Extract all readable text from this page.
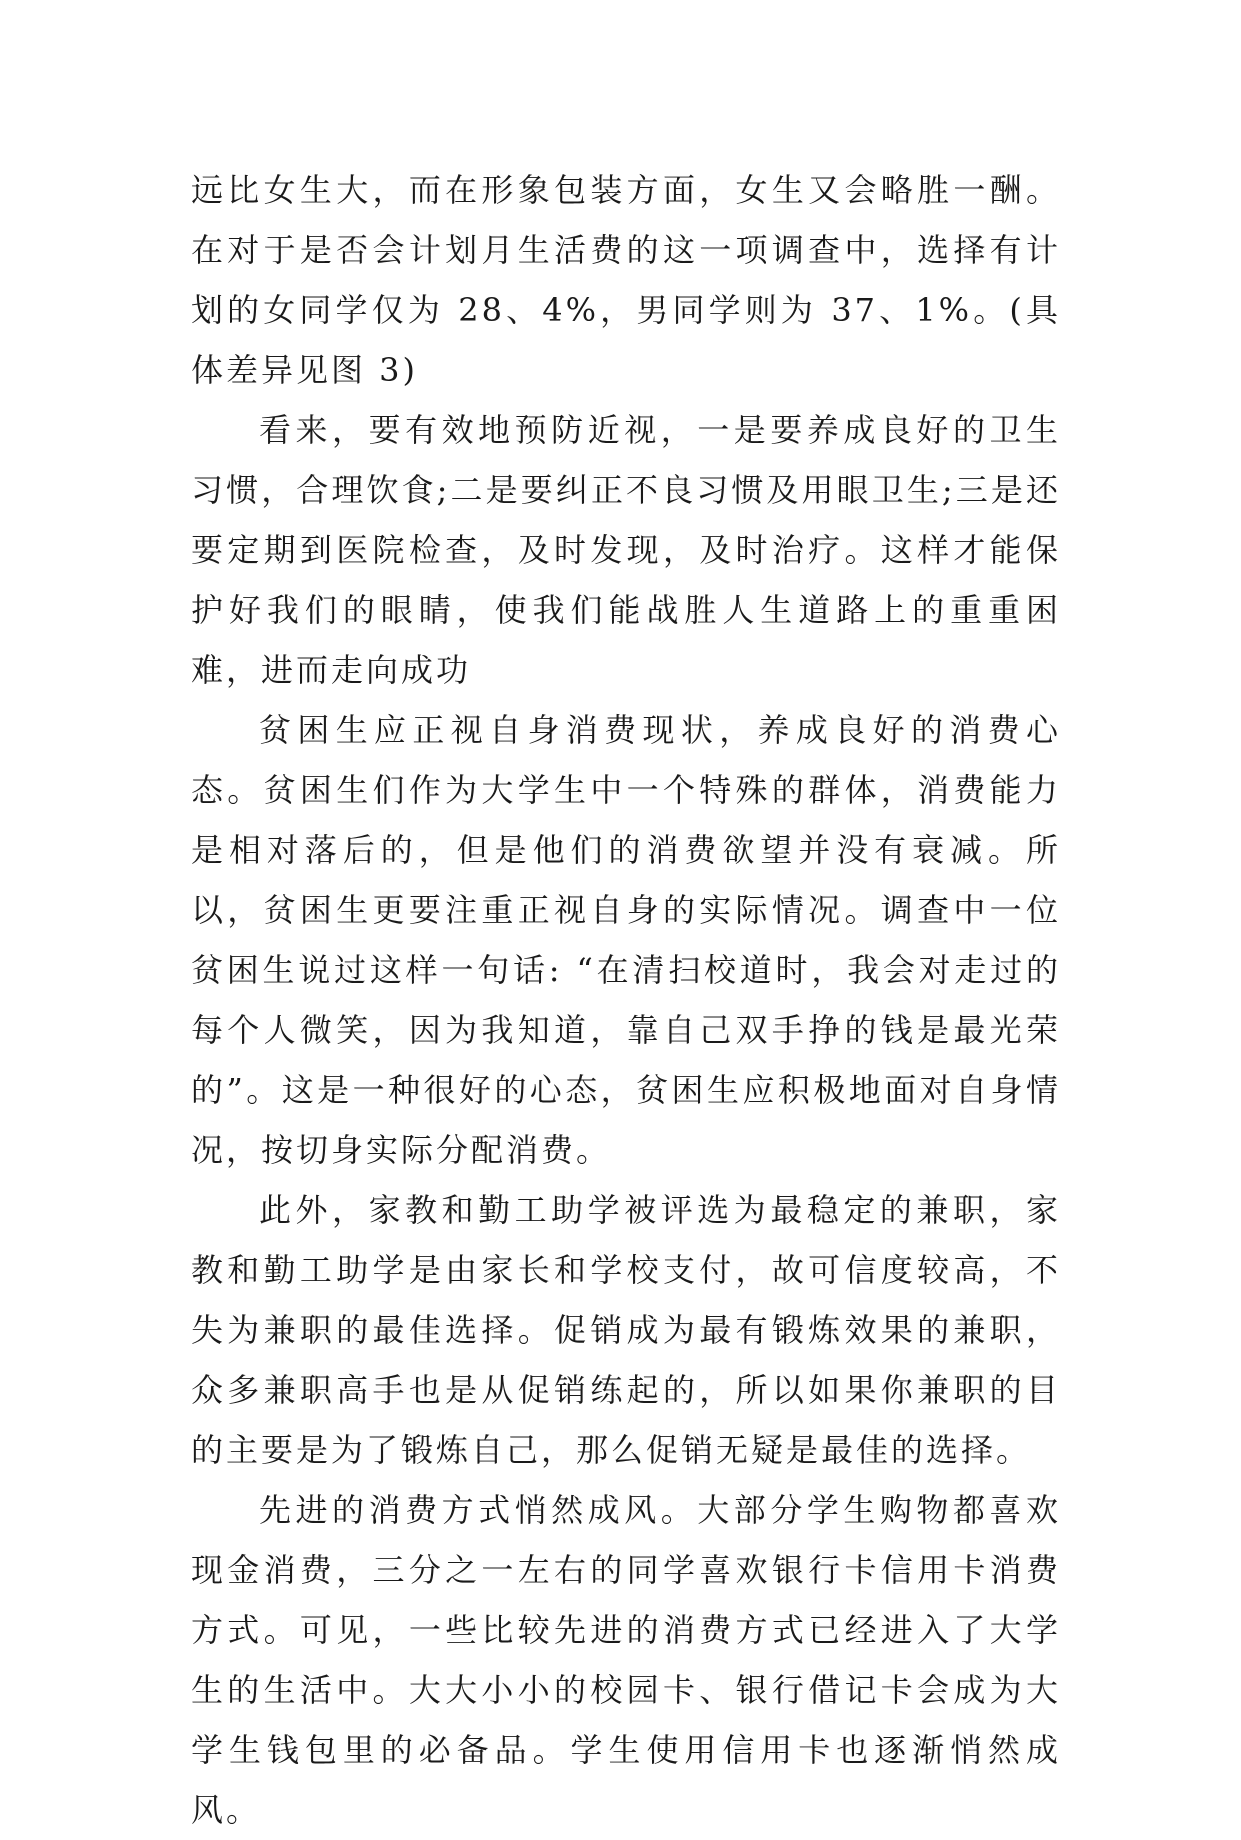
远比女生大，而在形象包装方面，女生又会略胜一酬。在对于是否会计划月生活费的这一项调查中，选择有计划的女同学仅为 28、4%，男同学则为 37、1%。(具体差异见图 3)

看来，要有效地预防近视，一是要养成良好的卫生习惯，合理饮食;二是要纠正不良习惯及用眼卫生;三是还要定期到医院检查，及时发现，及时治疗。这样才能保护好我们的眼睛，使我们能战胜人生道路上的重重困难，进而走向成功

贫困生应正视自身消费现状，养成良好的消费心态。贫困生们作为大学生中一个特殊的群体，消费能力是相对落后的，但是他们的消费欲望并没有衰减。所以，贫困生更要注重正视自身的实际情况。调查中一位贫困生说过这样一句话: “在清扫校道时，我会对走过的每个人微笑，因为我知道，靠自己双手挣的钱是最光荣的”。这是一种很好的心态，贫困生应积极地面对自身情况，按切身实际分配消费。

此外，家教和勤工助学被评选为最稳定的兼职，家教和勤工助学是由家长和学校支付，故可信度较高，不失为兼职的最佳选择。促销成为最有锻炼效果的兼职，众多兼职高手也是从促销练起的，所以如果你兼职的目的主要是为了锻炼自己，那么促销无疑是最佳的选择。

先进的消费方式悄然成风。大部分学生购物都喜欢现金消费，三分之一左右的同学喜欢银行卡信用卡消费方式。可见，一些比较先进的消费方式已经进入了大学生的生活中。大大小小的校园卡、银行借记卡会成为大学生钱包里的必备品。学生使用信用卡也逐渐悄然成风。
